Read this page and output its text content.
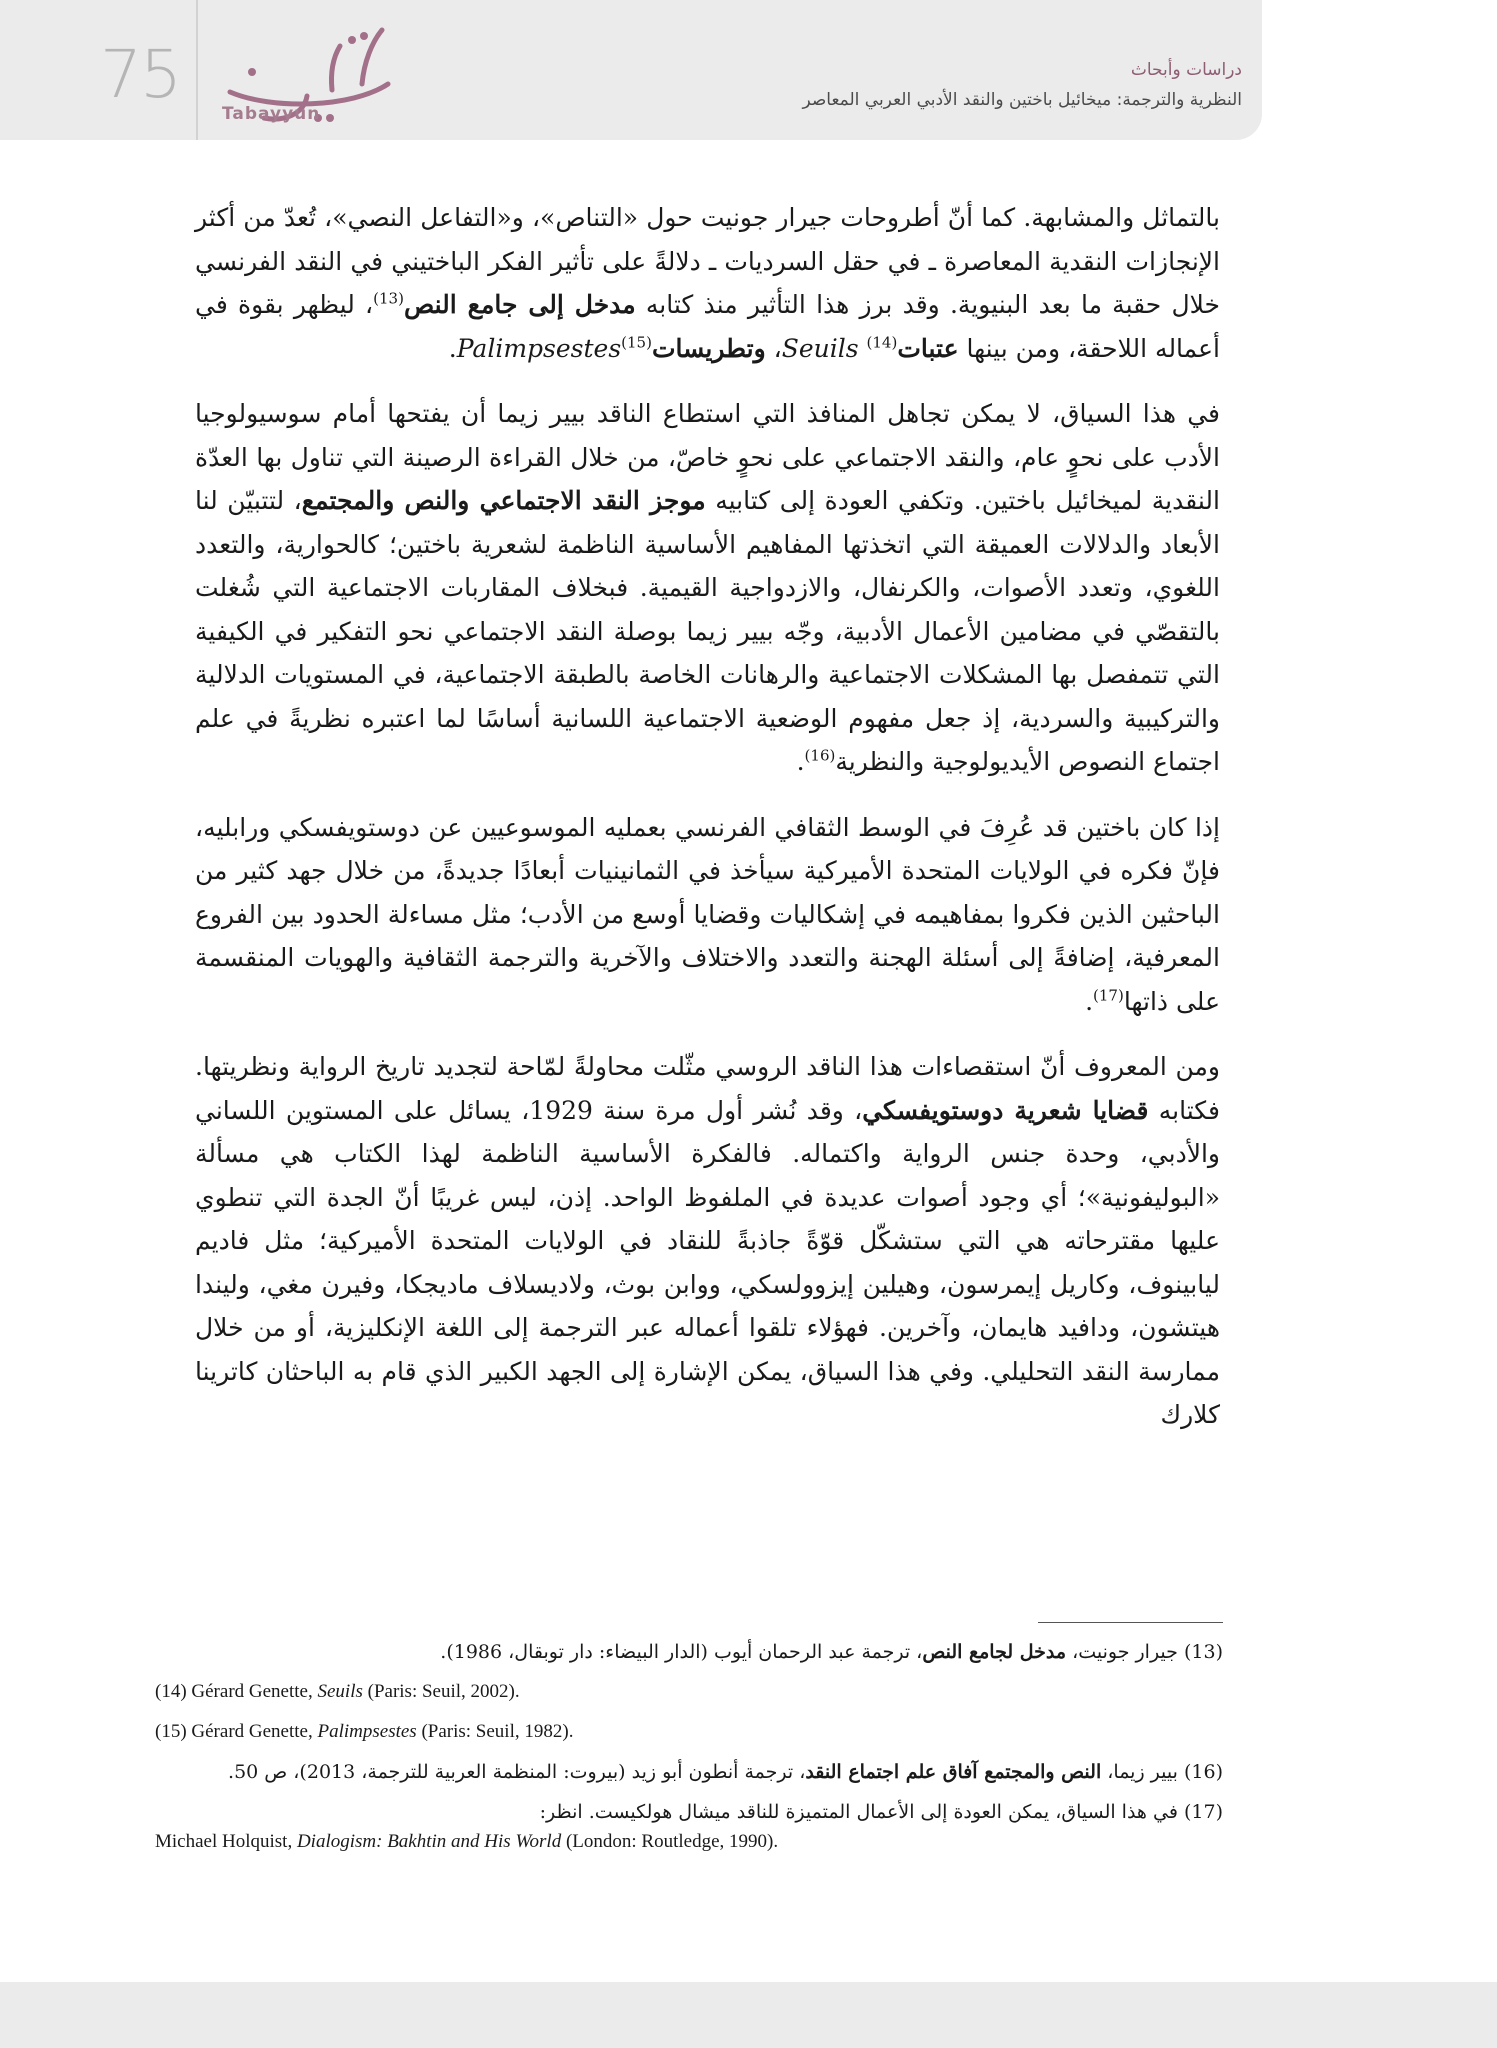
75
Tabayyun
دراسات وأبحاث
النظرية والترجمة: ميخائيل باختين والنقد الأدبي العربي المعاصر

بالتماثل والمشابهة. كما أنّ أطروحات جيرار جونيت حول «التناص»، و«التفاعل النصي»، تُعدّ من أكثر الإنجازات النقدية المعاصرة ـ في حقل السرديات ـ دلالةً على تأثير الفكر الباختيني في النقد الفرنسي خلال حقبة ما بعد البنيوية. وقد برز هذا التأثير منذ كتابه مدخل إلى جامع النص$^{(13)}$، ليظهر بقوة في أعماله اللاحقة، ومن بينها عتبات$^{(14)}$ Seuils، وتطريسات$^{(15)}$Palimpsestes.

في هذا السياق، لا يمكن تجاهل المنافذ التي استطاع الناقد بيير زيما أن يفتحها أمام سوسيولوجيا الأدب على نحوٍ عام، والنقد الاجتماعي على نحوٍ خاصّ، من خلال القراءة الرصينة التي تناول بها العدّة النقدية لميخائيل باختين. وتكفي العودة إلى كتابيه موجز النقد الاجتماعي والنص والمجتمع، لتتبيّن لنا الأبعاد والدلالات العميقة التي اتخذتها المفاهيم الأساسية الناظمة لشعرية باختين؛ كالحوارية، والتعدد اللغوي، وتعدد الأصوات، والكرنفال، والازدواجية القيمية. فبخلاف المقاربات الاجتماعية التي شُغلت بالتقصّي في مضامين الأعمال الأدبية، وجّه بيير زيما بوصلة النقد الاجتماعي نحو التفكير في الكيفية التي تتمفصل بها المشكلات الاجتماعية والرهانات الخاصة بالطبقة الاجتماعية، في المستويات الدلالية والتركيبية والسردية، إذ جعل مفهوم الوضعية الاجتماعية اللسانية أساسًا لما اعتبره نظريةً في علم اجتماع النصوص الأيديولوجية والنظرية$^{(16)}$.

إذا كان باختين قد عُرِفَ في الوسط الثقافي الفرنسي بعمليه الموسوعيين عن دوستويفسكي ورابليه، فإنّ فكره في الولايات المتحدة الأميركية سيأخذ في الثمانينيات أبعادًا جديدةً، من خلال جهد كثير من الباحثين الذين فكروا بمفاهيمه في إشكاليات وقضايا أوسع من الأدب؛ مثل مساءلة الحدود بين الفروع المعرفية، إضافةً إلى أسئلة الهجنة والتعدد والاختلاف والآخرية والترجمة الثقافية والهويات المنقسمة على ذاتها$^{(17)}$.

ومن المعروف أنّ استقصاءات هذا الناقد الروسي مثّلت محاولةً لمّاحة لتجديد تاريخ الرواية ونظريتها. فكتابه قضايا شعرية دوستويفسكي، وقد نُشر أول مرة سنة 1929، يسائل على المستوين اللساني والأدبي، وحدة جنس الرواية واكتماله. فالفكرة الأساسية الناظمة لهذا الكتاب هي مسألة «البوليفونية»؛ أي وجود أصوات عديدة في الملفوظ الواحد. إذن، ليس غريبًا أنّ الجدة التي تنطوي عليها مقترحاته هي التي ستشكّل قوّةً جاذبةً للنقاد في الولايات المتحدة الأميركية؛ مثل فاديم ليابينوف، وكاريل إيمرسون، وهيلين إيزوولسكي، ووابن بوث، ولاديسلاف ماديجكا، وفيرن مغي، وليندا هيتشون، ودافيد هايمان، وآخرين. فهؤلاء تلقوا أعماله عبر الترجمة إلى اللغة الإنكليزية، أو من خلال ممارسة النقد التحليلي. وفي هذا السياق، يمكن الإشارة إلى الجهد الكبير الذي قام به الباحثان كاترينا كلارك

(13) جيرار جونيت، مدخل لجامع النص، ترجمة عبد الرحمان أيوب (الدار البيضاء: دار توبقال، 1986).
(14) Gérard Genette, Seuils (Paris: Seuil, 2002).
(15) Gérard Genette, Palimpsestes (Paris: Seuil, 1982).
(16) بيير زيما، النص والمجتمع آفاق علم اجتماع النقد، ترجمة أنطون أبو زيد (بيروت: المنظمة العربية للترجمة، 2013)، ص 50.
(17) في هذا السياق، يمكن العودة إلى الأعمال المتميزة للناقد ميشال هولكيست. انظر:
Michael Holquist, Dialogism: Bakhtin and His World (London: Routledge, 1990).
